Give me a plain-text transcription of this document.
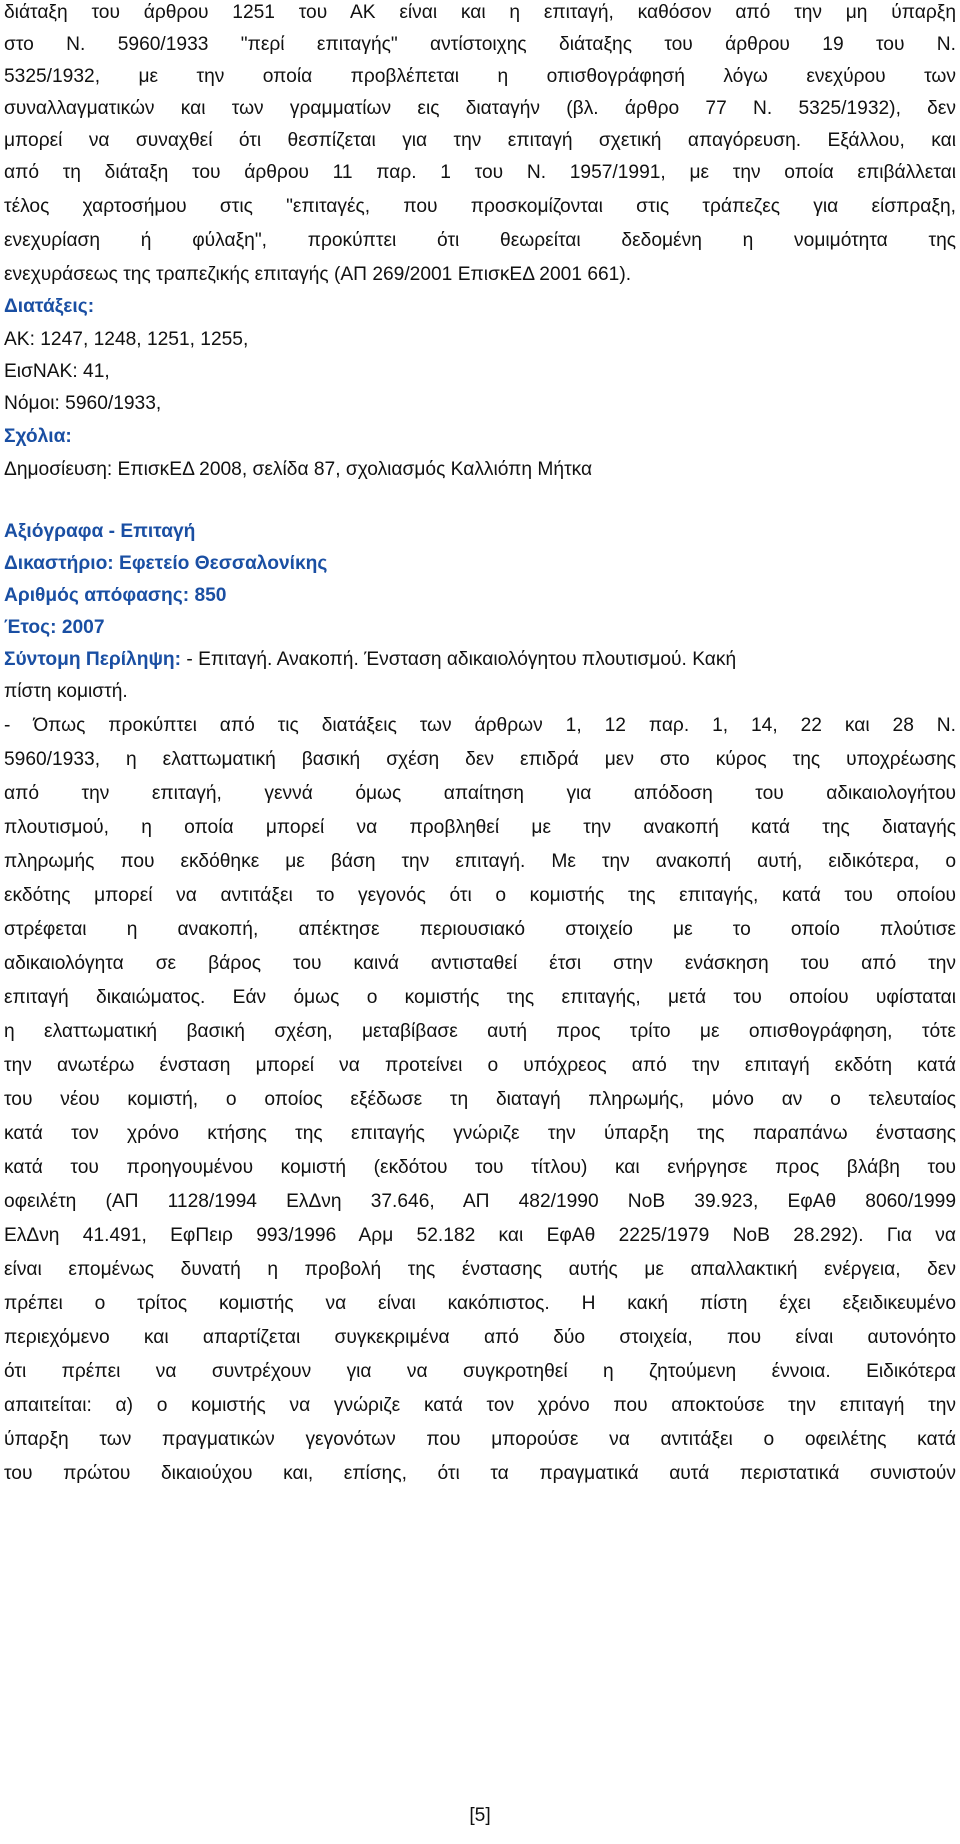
διάταξη του άρθρου 1251 του ΑΚ είναι και η επιταγή, καθόσον από την μη ύπαρξη
στο Ν. 5960/1933 "περί επιταγής" αντίστοιχης διάταξης του άρθρου 19 του Ν.
5325/1932, με την οποία προβλέπεται η οπισθογράφησή λόγω ενεχύρου των
συναλλαγματικών και των γραμματίων εις διαταγήν (βλ. άρθρο 77 Ν. 5325/1932), δεν
μπορεί να συναχθεί ότι θεσπίζεται για την επιταγή σχετική απαγόρευση. Εξάλλου, και
από τη διάταξη του άρθρου 11 παρ. 1 του Ν. 1957/1991, με την οποία επιβάλλεται
τέλος χαρτοσήμου στις "επιταγές, που προσκομίζονται στις τράπεζες για είσπραξη,
ενεχυρίαση ή φύλαξη", προκύπτει ότι θεωρείται δεδομένη η νομιμότητα της
ενεχυράσεως της τραπεζικής επιταγής (ΑΠ 269/2001 ΕπισκΕΔ 2001 661).
Διατάξεις:
ΑΚ: 1247, 1248, 1251, 1255,
ΕισΝΑΚ: 41,
Νόμοι: 5960/1933,
Σχόλια:
Δημοσίευση: ΕπισκΕΔ 2008, σελίδα 87, σχολιασμός Καλλιόπη Μήτκα
Αξιόγραφα - Επιταγή
Δικαστήριο: Εφετείο Θεσσαλονίκης
Αριθμός απόφασης: 850
Έτος: 2007
Σύντομη Περίληψη: - Επιταγή. Ανακοπή. Ένσταση αδικαιολόγητου πλουτισμού. Κακή
πίστη κομιστή.
- Όπως προκύπτει από τις διατάξεις των άρθρων 1, 12 παρ. 1, 14, 22 και 28 Ν.
5960/1933, η ελαττωματική βασική σχέση δεν επιδρά μεν στο κύρος της υποχρέωσης
από την επιταγή, γεννά όμως απαίτηση για απόδοση του αδικαιολογήτου
πλουτισμού, η οποία μπορεί να προβληθεί με την ανακοπή κατά της διαταγής
πληρωμής που εκδόθηκε με βάση την επιταγή. Με την ανακοπή αυτή, ειδικότερα, ο
εκδότης μπορεί να αντιτάξει το γεγονός ότι ο κομιστής της επιταγής, κατά του οποίου
στρέφεται η ανακοπή, απέκτησε περιουσιακό στοιχείο με το οποίο πλούτισε
αδικαιολόγητα σε βάρος του καινά αντισταθεί έτσι στην ενάσκηση του από την
επιταγή δικαιώματος. Εάν όμως ο κομιστής της επιταγής, μετά του οποίου υφίσταται
η ελαττωματική βασική σχέση, μεταβίβασε αυτή προς τρίτο με οπισθογράφηση, τότε
την ανωτέρω ένσταση μπορεί να προτείνει ο υπόχρεος από την επιταγή εκδότη κατά
του νέου κομιστή, ο οποίος εξέδωσε τη διαταγή πληρωμής, μόνο αν ο τελευταίος
κατά τον χρόνο κτήσης της επιταγής γνώριζε την ύπαρξη της παραπάνω ένστασης
κατά του προηγουμένου κομιστή (εκδότου του τίτλου) και ενήργησε προς βλάβη του
οφειλέτη (ΑΠ 1128/1994 ΕλΔνη 37.646, ΑΠ 482/1990 ΝοΒ 39.923, ΕφΑθ 8060/1999
ΕλΔνη 41.491, ΕφΠειρ 993/1996 Αρμ 52.182 και ΕφΑθ 2225/1979 ΝοΒ 28.292). Για να
είναι επομένως δυνατή η προβολή της ένστασης αυτής με απαλλακτική ενέργεια, δεν
πρέπει ο τρίτος κομιστής να είναι κακόπιστος. Η κακή πίστη έχει εξειδικευμένο
περιεχόμενο και απαρτίζεται συγκεκριμένα από δύο στοιχεία, που είναι αυτονόητο
ότι πρέπει να συντρέχουν για να συγκροτηθεί η ζητούμενη έννοια. Ειδικότερα
απαιτείται: α) ο κομιστής να γνώριζε κατά τον χρόνο που αποκτούσε την επιταγή την
ύπαρξη των πραγματικών γεγονότων που μπορούσε να αντιτάξει ο οφειλέτης κατά
του πρώτου δικαιούχου και, επίσης, ότι τα πραγματικά αυτά περιστατικά συνιστούν
[5]
